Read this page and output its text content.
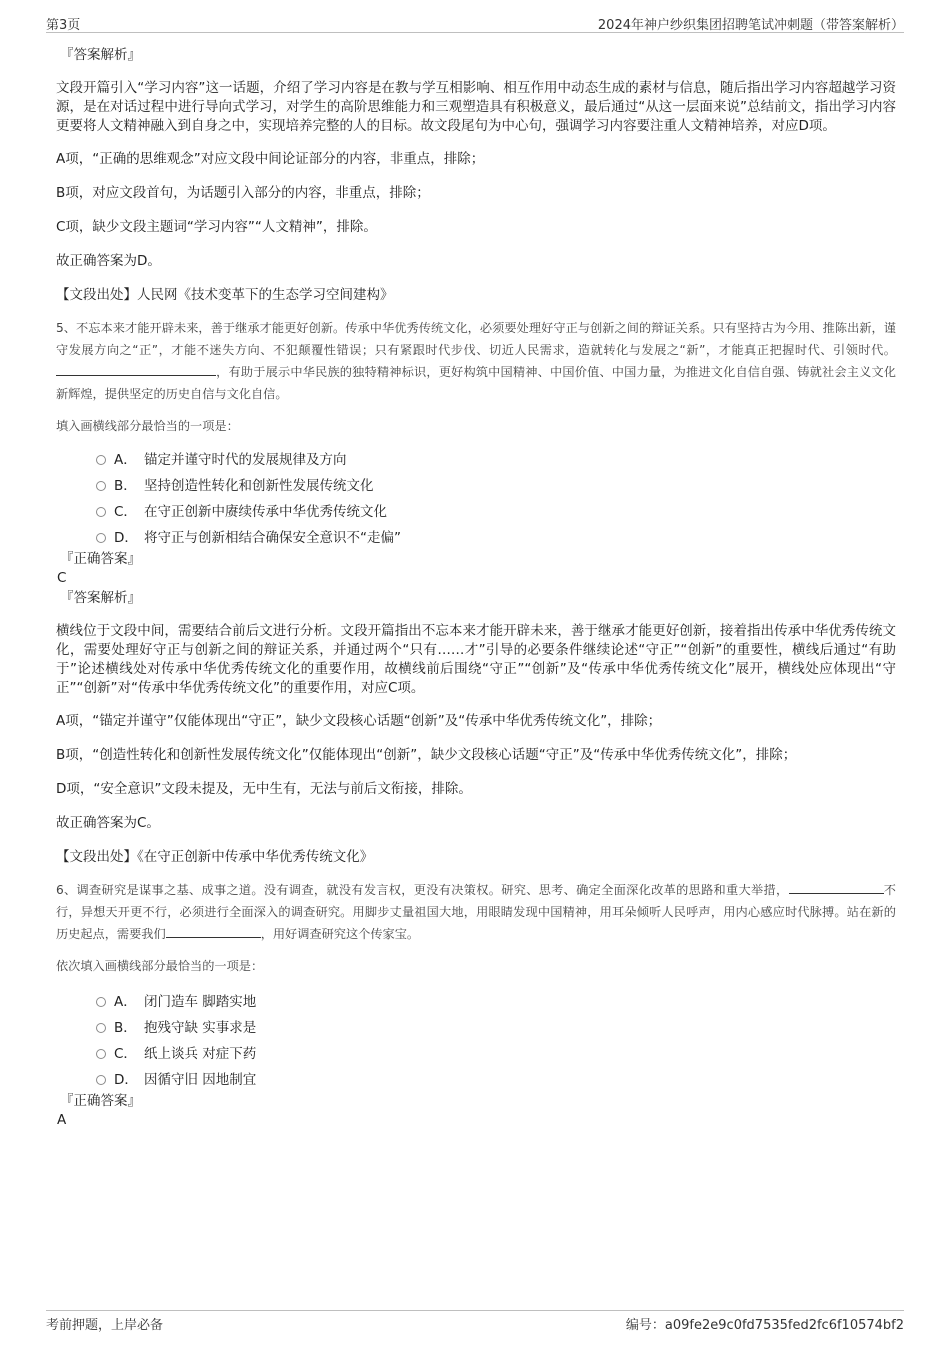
第3页	2024年神户纱织集团招聘笔试冲刺题（带答案解析）

『答案解析』

文段开篇引入“学习内容”这一话题，介绍了学习内容是在教与学互相影响、相互作用中动态生成的素材与信息，随后指出学习内容超越学习资源，是在对话过程中进行导向式学习，对学生的高阶思维能力和三观塑造具有积极意义，最后通过“从这一层面来说”总结前文，指出学习内容更要将人文精神融入到自身之中，实现培养完整的人的目标。故文段尾句为中心句，强调学习内容要注重人文精神培养，对应D项。

A项，“正确的思维观念”对应文段中间论证部分的内容，非重点，排除；

B项，对应文段首句，为话题引入部分的内容，非重点，排除；

C项，缺少文段主题词“学习内容”“人文精神”，排除。

故正确答案为D。

【文段出处】人民网《技术变革下的生态学习空间建构》

5、不忘本来才能开辟未来，善于继承才能更好创新。传承中华优秀传统文化，必须要处理好守正与创新之间的辩证关系。只有坚持古为今用、推陈出新，谨守发展方向之“正”，才能不迷失方向、不犯颠覆性错误；只有紧跟时代步伐、切近人民需求，造就转化与发展之“新”，才能真正把握时代、引领时代。，有助于展示中华民族的独特精神标识，更好构筑中国精神、中国价值、中国力量，为推进文化自信自强、铸就社会主义文化新辉煌，提供坚定的历史自信与文化自信。

填入画横线部分最恰当的一项是：

A． 锚定并谨守时代的发展规律及方向
B． 坚持创造性转化和创新性发展传统文化
C． 在守正创新中赓续传承中华优秀传统文化
D． 将守正与创新相结合确保安全意识不“走偏”

『正确答案』

C

『答案解析』

横线位于文段中间，需要结合前后文进行分析。文段开篇指出不忘本来才能开辟未来，善于继承才能更好创新，接着指出传承中华优秀传统文化，需要处理好守正与创新之间的辩证关系，并通过两个“只有……才”引导的必要条件继续论述“守正”“创新”的重要性，横线后通过“有助于”论述横线处对传承中华优秀传统文化的重要作用，故横线前后围绕“守正”“创新”及“传承中华优秀传统文化”展开，横线处应体现出“守正”“创新”对“传承中华优秀传统文化”的重要作用，对应C项。

A项，“锚定并谨守”仅能体现出“守正”，缺少文段核心话题“创新”及“传承中华优秀传统文化”，排除；

B项，“创造性转化和创新性发展传统文化”仅能体现出“创新”，缺少文段核心话题“守正”及“传承中华优秀传统文化”，排除；

D项，“安全意识”文段未提及，无中生有，无法与前后文衔接，排除。

故正确答案为C。

【文段出处】《在守正创新中传承中华优秀传统文化》

6、调查研究是谋事之基、成事之道。没有调查，就没有发言权，更没有决策权。研究、思考、确定全面深化改革的思路和重大举措，	不行，异想天开更不行，必须进行全面深入的调查研究。用脚步丈量祖国大地，用眼睛发现中国精神，用耳朵倾听人民呼声，用内心感应时代脉搏。站在新的历史起点，需要我们	，用好调查研究这个传家宝。

依次填入画横线部分最恰当的一项是：

A． 闭门造车 脚踏实地
B． 抱残守缺 实事求是
C． 纸上谈兵 对症下药
D． 因循守旧 因地制宜

『正确答案』

A

考前押题，上岸必备	编号：a09fe2e9c0fd7535fed2fc6f10574bf2
